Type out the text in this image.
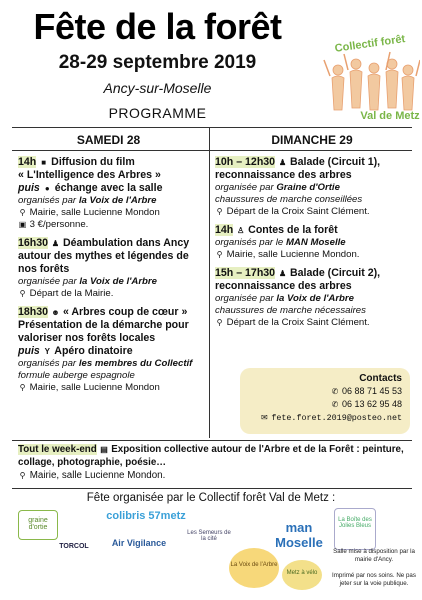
Fête de la forêt
28-29 septembre 2019
Ancy-sur-Moselle
PROGRAMME
Collectif forêt
Val de Metz
SAMEDI 28	DIMANCHE 29
14h ■ Diffusion du film
« L'Intelligence des Arbres »
puis ● échange avec la salle
organisés par la Voix de l'Arbre
⚲ Mairie, salle Lucienne Mondon
▣ 3 €/personne.
16h30 ♟ Déambulation dans Ancy autour des mythes et légendes de nos forêts
organisée par la Voix de l'Arbre
⚲ Départ de la Mairie.
18h30 ☻ « Arbres coup de cœur »
Présentation de la démarche pour valoriser nos forêts locales
puis Y Apéro dinatoire
organisés par les membres du Collectif
formule auberge espagnole
⚲ Mairie, salle Lucienne Mondon
10h – 12h30 ♟ Balade (Circuit 1), reconnaissance des arbres
organisée par Graine d'Ortie
chaussures de marche conseillées
⚲ Départ de la Croix Saint Clément.
14h ♙ Contes de la forêt
organisés par le MAN Moselle
⚲ Mairie, salle Lucienne Mondon.
15h – 17h30 ♟ Balade (Circuit 2), reconnaissance des arbres
organisée par la Voix de l'Arbre
chaussures de marche nécessaires
⚲ Départ de la Croix Saint Clément.
Contacts
✆ 06 88 71 45 53
✆ 06 13 62 95 48
✉ fete.foret.2019@posteo.net
Tout le week-end ▤ Exposition collective autour de l'Arbre et de la Forêt : peinture, collage, photographie, poésie…
⚲ Mairie, salle Lucienne Mondon.
Fête organisée par le Collectif forêt Val de Metz :
graine d'ortie
colibris 57metz
Les Semeurs de la cité
man Moselle
La Boîte des Jolies Bleus
TORCOL	Air Vigilance
La Voix de l'Arbre
Metz à vélo
Salle mise à disposition par la mairie d'Ancy.
Imprimé par nos soins. Ne pas jeter sur la voie publique.
